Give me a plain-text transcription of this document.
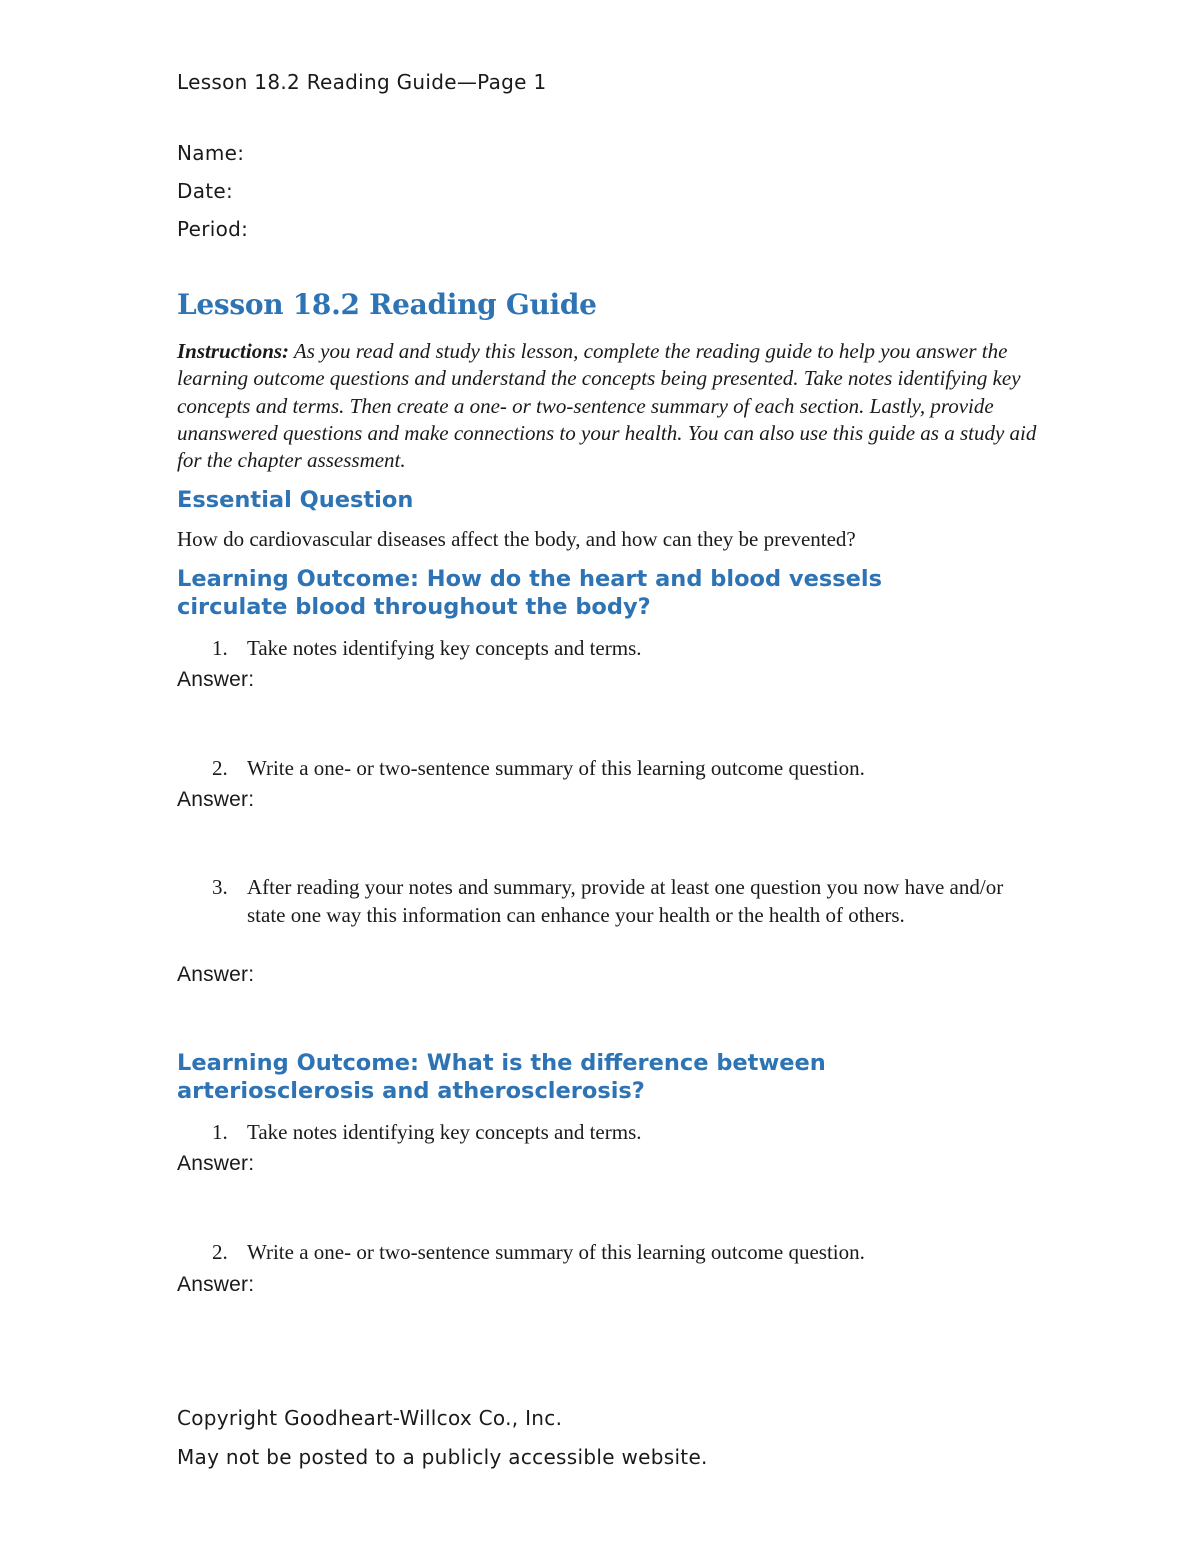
Lesson 18.2 Reading Guide—Page 1
Name:
Date:
Period:
Lesson 18.2 Reading Guide
Instructions: As you read and study this lesson, complete the reading guide to help you answer the learning outcome questions and understand the concepts being presented. Take notes identifying key concepts and terms. Then create a one- or two-sentence summary of each section. Lastly, provide unanswered questions and make connections to your health. You can also use this guide as a study aid for the chapter assessment.
Essential Question
How do cardiovascular diseases affect the body, and how can they be prevented?
Learning Outcome: How do the heart and blood vessels
circulate blood throughout the body?
1. Take notes identifying key concepts and terms.
Answer:
2. Write a one- or two-sentence summary of this learning outcome question.
Answer:
3. After reading your notes and summary, provide at least one question you now have and/or state one way this information can enhance your health or the health of others.
Answer:
Learning Outcome: What is the difference between
arteriosclerosis and atherosclerosis?
1. Take notes identifying key concepts and terms.
Answer:
2. Write a one- or two-sentence summary of this learning outcome question.
Answer:
Copyright Goodheart-Willcox Co., Inc.
May not be posted to a publicly accessible website.
